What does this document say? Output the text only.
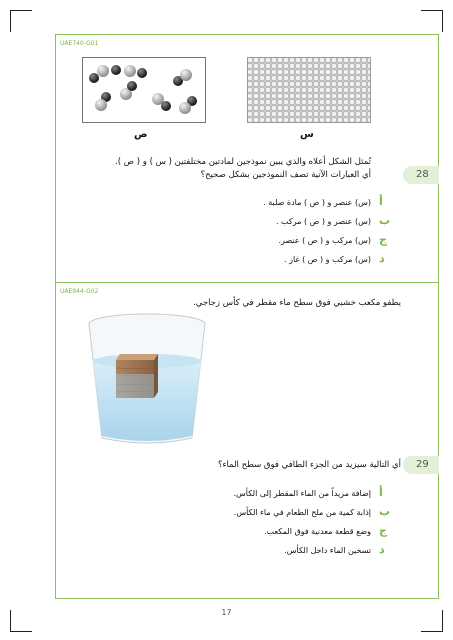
UAE740-G01
ص	س
تُمثل الشكل أعلاه والذي يبين نموذجين لمادتين مختلفتين ( س ) و ( ص ).
أي العبارات الآتية تصف النموذجين بشكل صحيح؟	28
أ
(س) عنصر و ( ص ) مادة صلبة .
ب
(س) عنصر و ( ص ) مركب .
ج
(س) مركب و ( ص ) عنصر.
د
(س) مركب و ( ص ) غاز .
UAE944-G02
يطفو مكعب خشبي فوق سطح ماء مقطر في كأس زجاجي.
أي التالية سيزيد من الجزء الطافي فوق سطح الماء؟ 29
أ
إضافة مزيداً من الماء المقطر إلى الكأس.
ب
إذابة كمية من ملح الطعام في ماء الكأس.
ج
وضع قطعة معدنية فوق المكعب.
د
تسخين الماء داخل الكأس.
17
